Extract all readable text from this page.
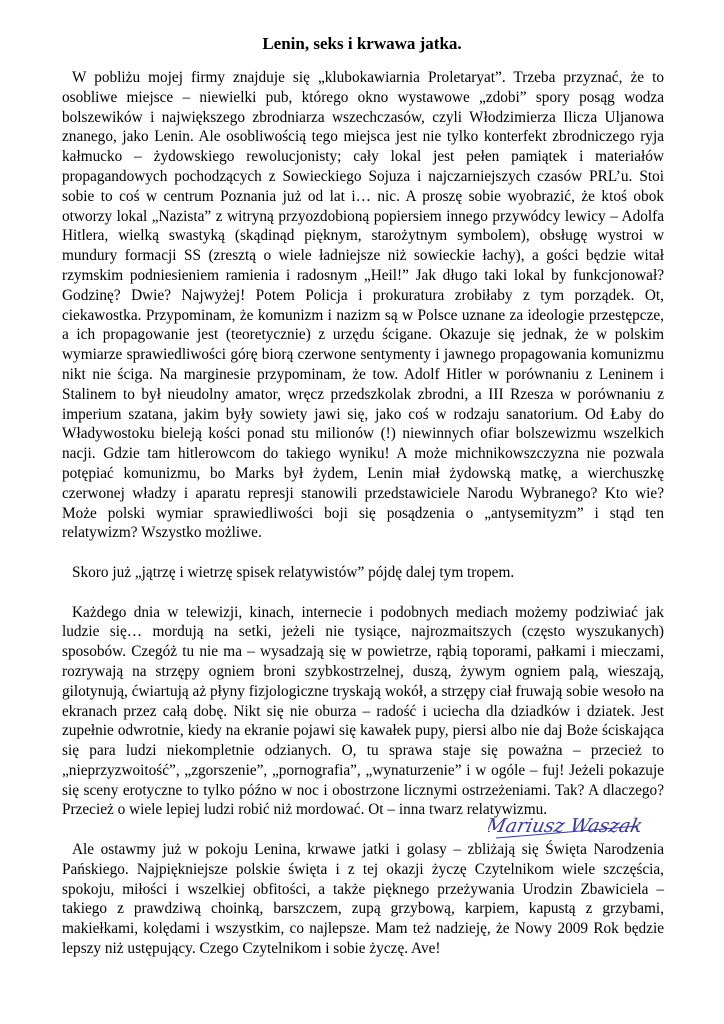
Lenin, seks i krwawa jatka.

W pobliżu mojej firmy znajduje się „klubokawiarnia Proletaryat”. Trzeba przyznać, że to osobliwe miejsce – niewielki pub, którego okno wystawowe „zdobi” spory posąg wodza bolszewików i największego zbrodniarza wszechczasów, czyli Włodzimierza Ilicza Uljanowa znanego, jako Lenin. Ale osobliwością tego miejsca jest nie tylko konterfekt zbrodniczego ryja kałmucko – żydowskiego rewolucjonisty; cały lokal jest pełen pamiątek i materiałów propagandowych pochodzących z Sowieckiego Sojuza i najczarniejszych czasów PRL’u. Stoi sobie to coś w centrum Poznania już od lat i… nic. A proszę sobie wyobrazić, że ktoś obok otworzy lokal „Nazista” z witryną przyozdobioną popiersiem innego przywódcy lewicy – Adolfa Hitlera, wielką swastyką (skądinąd pięknym, starożytnym symbolem), obsługę wystroi w mundury formacji SS (zresztą o wiele ładniejsze niż sowieckie łachy), a gości będzie witał rzymskim podniesieniem ramienia i radosnym „Heil!” Jak długo taki lokal by funkcjonował? Godzinę? Dwie? Najwyżej! Potem Policja i prokuratura zrobiłaby z tym porządek. Ot, ciekawostka. Przypominam, że komunizm i nazizm są w Polsce uznane za ideologie przestępcze, a ich propagowanie jest (teoretycznie) z urzędu ścigane. Okazuje się jednak, że w polskim wymiarze sprawiedliwości górę biorą czerwone sentymenty i jawnego propagowania komunizmu nikt nie ściga. Na marginesie przypominam, że tow. Adolf Hitler w porównaniu z Leninem i Stalinem to był nieudolny amator, wręcz przedszkolak zbrodni, a III Rzesza w porównaniu z imperium szatana, jakim były sowiety jawi się, jako coś w rodzaju sanatorium. Od Łaby do Władywostoku bieleją kości ponad stu milionów (!) niewinnych ofiar bolszewizmu wszelkich nacji. Gdzie tam hitlerowcom do takiego wyniku! A może michnikowszczyzna nie pozwala potępiać komunizmu, bo Marks był żydem, Lenin miał żydowską matkę, a wierchuszkę czerwonej władzy i aparatu represji stanowili przedstawiciele Narodu Wybranego? Kto wie? Może polski wymiar sprawiedliwości boji się posądzenia o „antysemityzm” i stąd ten relatywizm? Wszystko możliwe.

Skoro już „jątrzę i wietrzę spisek relatywistów” pójdę dalej tym tropem.

Każdego dnia w telewizji, kinach, internecie i podobnych mediach możemy podziwiać jak ludzie się… mordują na setki, jeżeli nie tysiące, najrozmaitszych (często wyszukanych) sposobów. Czegóż tu nie ma – wysadzają się w powietrze, rąbią toporami, pałkami i mieczami, rozrywają na strzępy ogniem broni szybkostrzelnej, duszą, żywym ogniem palą, wieszają, gilotynują, ćwiartują aż płyny fizjologiczne tryskają wokół, a strzępy ciał fruwają sobie wesoło na ekranach przez całą dobę. Nikt się nie oburza – radość i uciecha dla dziadków i dziatek. Jest zupełnie odwrotnie, kiedy na ekranie pojawi się kawałek pupy, piersi albo nie daj Boże ściskająca się para ludzi niekompletnie odzianych. O, tu sprawa staje się poważna – przecież to „nieprzyzwoitość”, „zgorszenie”, „pornografia”, „wynaturzenie” i w ogóle – fuj! Jeżeli pokazuje się sceny erotyczne to tylko późno w noc i obostrzone licznymi ostrzeżeniami. Tak? A dlaczego? Przecież o wiele lepiej ludzi robić niż mordować. Ot – inna twarz relatywizmu.

Ale ostawmy już w pokoju Lenina, krwawe jatki i golasy – zbliżają się Święta Narodzenia Pańskiego. Najpiękniejsze polskie święta i z tej okazji życzę Czytelnikom wiele szczęścia, spokoju, miłości i wszelkiej obfitości, a także pięknego przeżywania Urodzin Zbawiciela – takiego z prawdziwą choinką, barszczem, zupą grzybową, karpiem, kapustą z grzybami, makiełkami, kolędami i wszystkim, co najlepsze. Mam też nadzieję, że Nowy 2009 Rok będzie lepszy niż ustępujący. Czego Czytelnikom i sobie życzę. Ave!

Mariusz Waszak
